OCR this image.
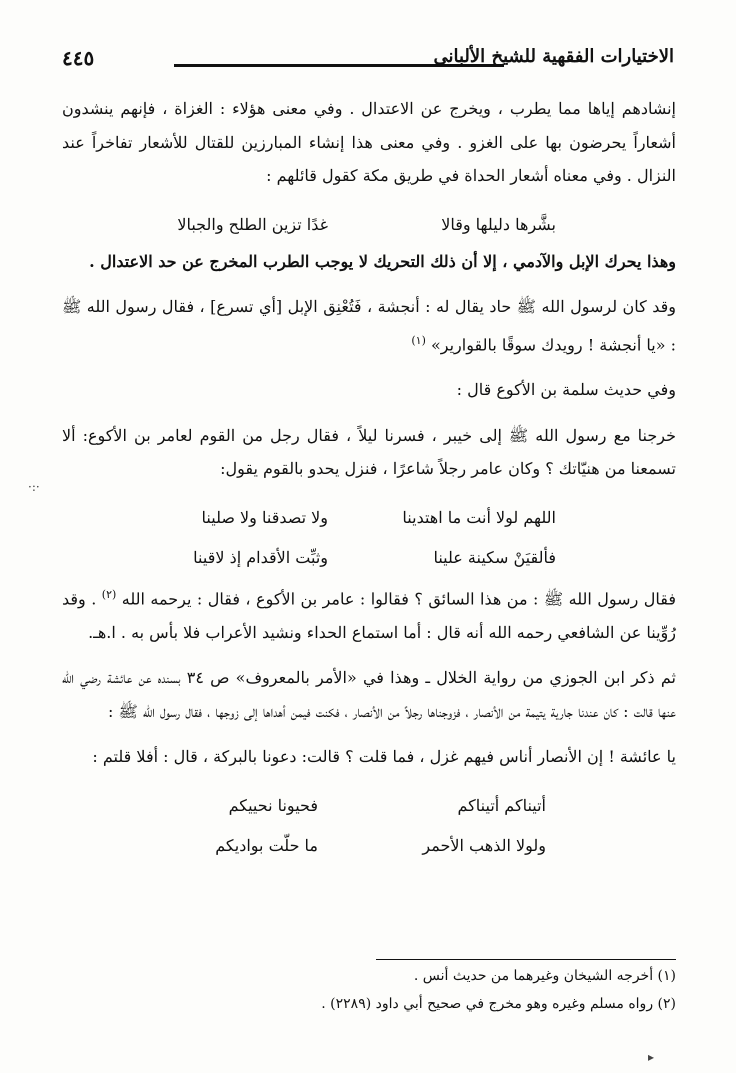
٤٤٥	الاختيارات الفقهية للشيخ الألباني

إنشادهم إياها مما يطرب ، ويخرج عن الاعتدال . وفي معنى هؤلاء : الغزاة ، فإنهم ينشدون أشعاراً يحرضون بها على الغزو . وفي معنى هذا إنشاء المبارزين للقتال للأشعار تفاخراً عند النزال . وفي معناه أشعار الحداة في طريق مكة كقول قائلهم :

بشَّرها دليلها وقالا
غدًا تزين الطلح والجبالا

وهذا يحرك الإبل والآدمي ، إلا أن ذلك التحريك لا يوجب الطرب المخرج عن حد الاعتدال .

وقد كان لرسول الله ﷺ حاد يقال له : أنجشة ، فَتُعْنِق الإبل [أي تسرع] ، فقال رسول الله ﷺ : «يا أنجشة ! رويدك سوقًا بالقوارير» $^{(١)}$

وفي حديث سلمة بن الأكوع قال :

خرجنا مع رسول الله ﷺ إلى خيبر ، فسرنا ليلاً ، فقال رجل من القوم لعامر بن الأكوع: ألا تسمعنا من هنيّاتك ؟ وكان عامر رجلاً شاعرًا ، فنزل يحدو بالقوم يقول:

اللهم لولا أنت ما اهتدينا
ولا تصدقنا ولا صلينا
فألقيَنْ سكينة علينا
وثبِّت الأقدام إذ لاقينا

فقال رسول الله ﷺ : من هذا السائق ؟ فقالوا : عامر بن الأكوع ، فقال : يرحمه الله $^{(٢)}$ . وقد رُوِّينا عن الشافعي رحمه الله أنه قال : أما استماع الحداء ونشيد الأعراب فلا بأس به . ا.هـ.

ثم ذكر ابن الجوزي من رواية الخلال ـ وهذا في «الأمر بالمعروف» ص ٣٤ بسنده عن عائشة رضي الله عنها قالت : كان عندنا جارية يتيمة من الأنصار ، فزوجناها رجلاً من الأنصار ، فكنت فيمن أهداها إلى زوجها ، فقال رسول الله ﷺ :

يا عائشة ! إن الأنصار أناس فيهم غزل ، فما قلت ؟ قالت: دعونا بالبركة ، قال : أفلا قلتم :

أتيناكم أتيناكم
فحيونا نحييكم
ولولا الذهب الأحمر
ما حلّت بواديكم
(١) أخرجه الشيخان وغيرهما من حديث أنس .
(٢) رواه مسلم وغيره وهو مخرج في صحيح أبي داود (٢٢٨٩) .
·:·
▸
